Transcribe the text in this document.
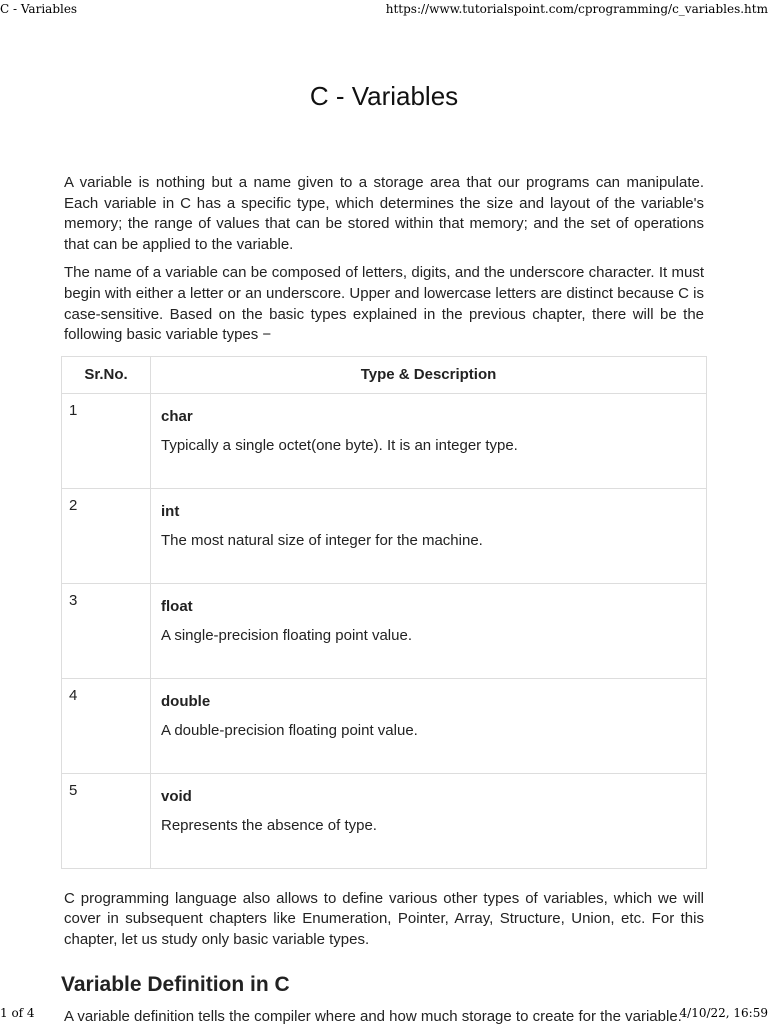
C - Variables	https://www.tutorialspoint.com/cprogramming/c_variables.htm
C - Variables

A variable is nothing but a name given to a storage area that our programs can manipulate. Each variable in C has a specific type, which determines the size and layout of the variable's memory; the range of values that can be stored within that memory; and the set of operations that can be applied to the variable.

The name of a variable can be composed of letters, digits, and the underscore character. It must begin with either a letter or an underscore. Upper and lowercase letters are distinct because C is case-sensitive. Based on the basic types explained in the previous chapter, there will be the following basic variable types −

Sr.No.	Type & Description
1	char
Typically a single octet(one byte). It is an integer type.

2	int
The most natural size of integer for the machine.

3	float
A single-precision floating point value.

4	double
A double-precision floating point value.

5	void
Represents the absence of type.

C programming language also allows to define various other types of variables, which we will cover in subsequent chapters like Enumeration, Pointer, Array, Structure, Union, etc. For this chapter, let us study only basic variable types.

Variable Definition in C

A variable definition tells the compiler where and how much storage to create for the variable.

1 of 4	4/10/22, 16:59
